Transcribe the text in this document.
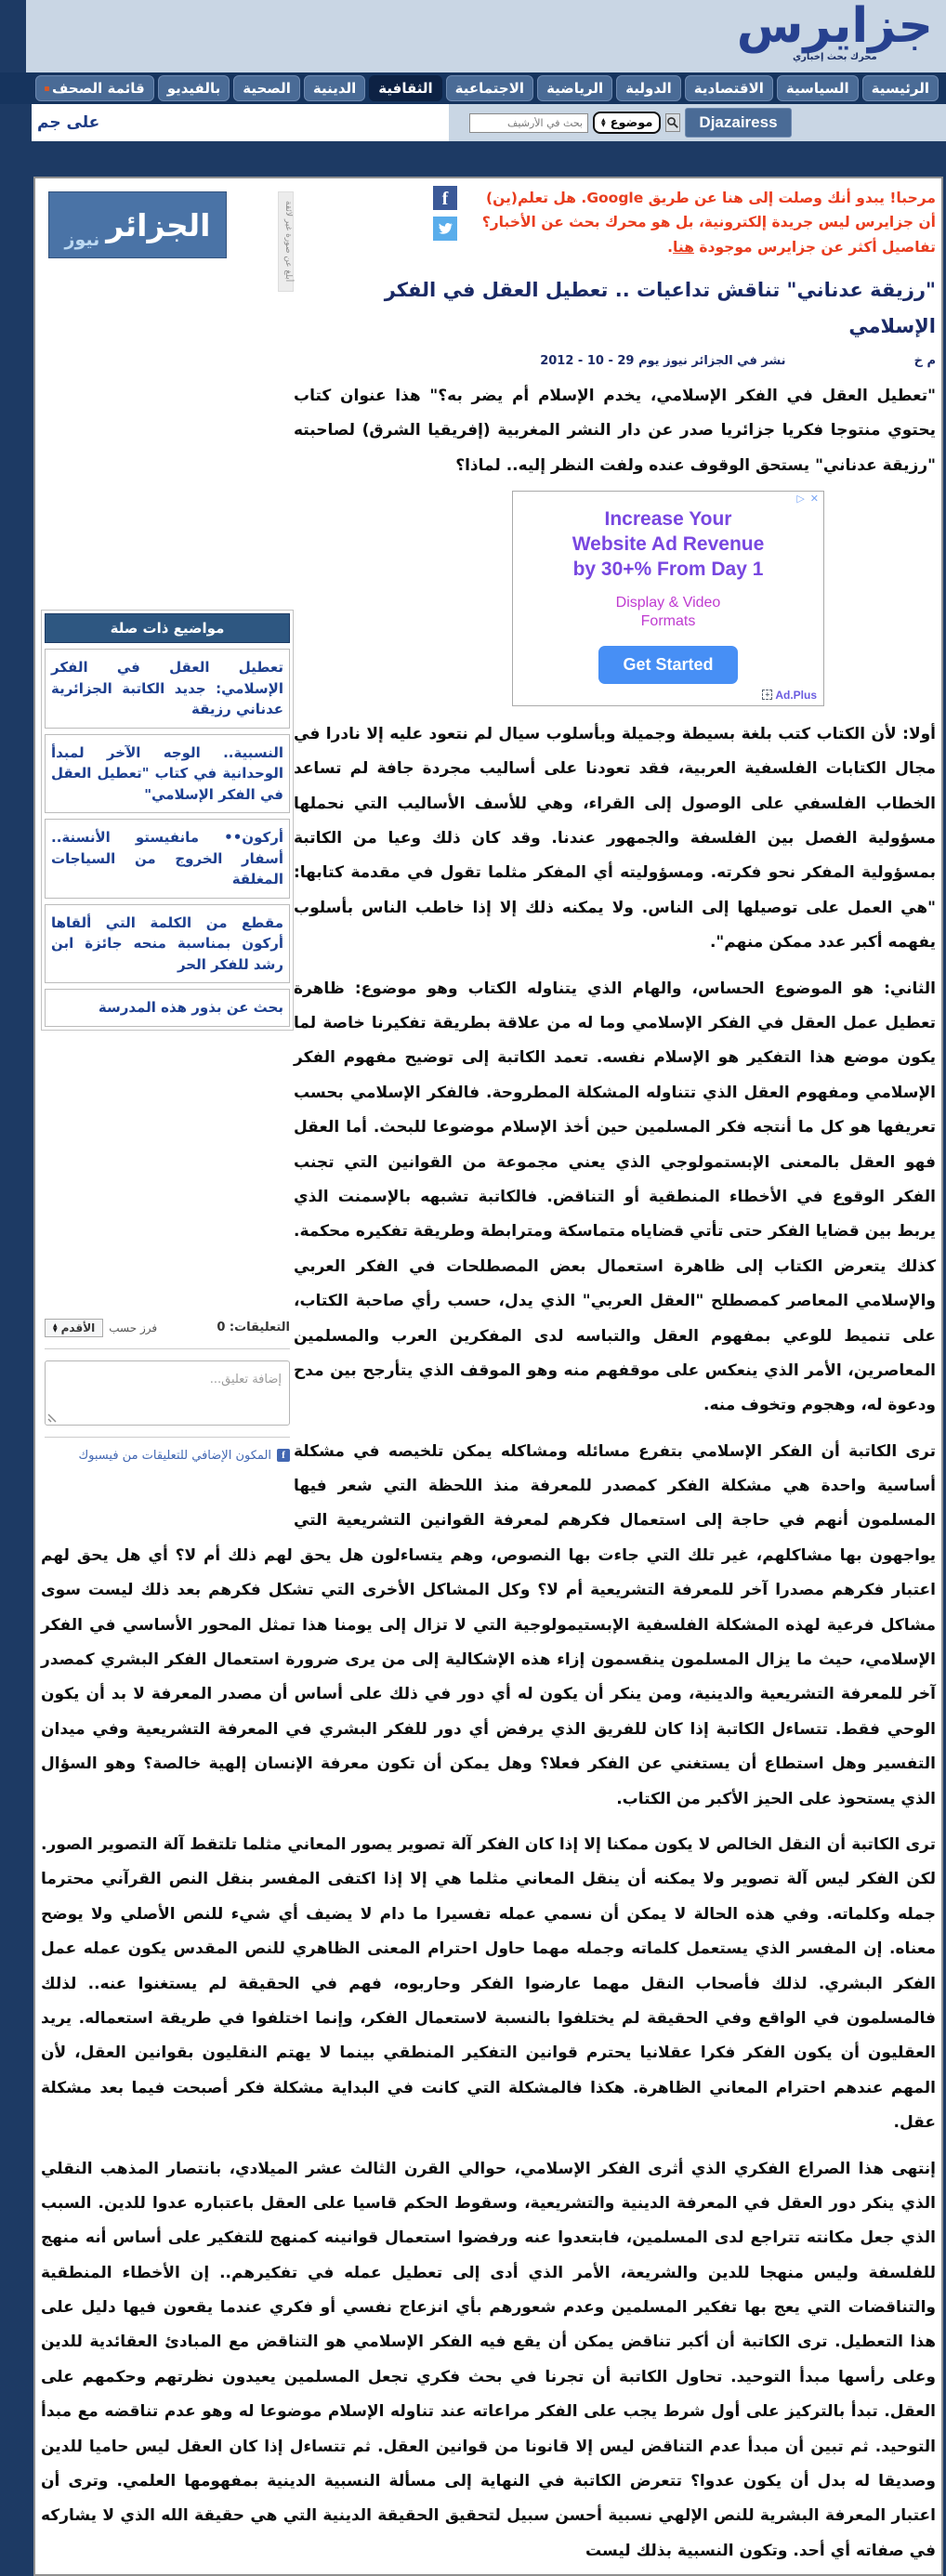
جزايرس
محرك بحث إخباري
الرئيسية
السياسية
الاقتصادية
الدولية
الرياضية
الاجتماعية
الثقافية
الدينية
الصحية
بالفيديو
قائمة الصحف
على جم
بحث في الأرشيف	موضوع
▲
▼	Djazairess
الجزائر
نيوز	أبلغ عن صورة غير لائقة
مواضيع ذات صلة
تعطيل العقل في الفكر الإسلامي: جديد الكاتبة الجزائرية عدناني رزيقة
النسبية.. الوجه الآخر لمبدأ الوحدانية في كتاب "تعطيل العقل في الفكر الإسلامي"
أركون•• مانفيستو الأنسنة.. أسفار الخروج من السياجات المغلقة
مقطع من الكلمة التي ألقاها أركون بمناسبة منحه جائزة ابن رشد للفكر الحر
بحث عن بذور هذه المدرسة
التعليقات: 0
فرز حسب
الأقدم
▲
▼
إضافة تعليق...
f
المكون الإضافي للتعليقات من فيسبوك
f	مرحبا! يبدو أنك وصلت إلى هنا عن طريق Google. هل تعلم(ين) أن جزايرس ليس جريدة إلكترونية، بل هو محرك بحث عن الأخبار؟ تفاصيل أكثر عن جزايرس موجودة هنا.
"رزيقة عدناني" تناقش تداعيات .. تعطيل العقل في الفكر الإسلامي
م خ
نشر في الجزائر نيوز يوم 29 - 10 - 2012

"تعطيل العقل في الفكر الإسلامي، يخدم الإسلام أم يضر به؟" هذا عنوان كتاب يحتوي منتوجا فكريا جزائريا صدر عن دار النشر المغربية (إفريقيا الشرق) لصاحبته "رزيقة عدناني" يستحق الوقوف عنده ولفت النظر إليه.. لماذا؟

▷ ✕
Increase Your Website Ad Revenue by 30+% From Day 1
Display & Video Formats
Get Started
+ Ad.Plus

أولا: لأن الكتاب كتب بلغة بسيطة وجميلة وبأسلوب سيال لم نتعود عليه إلا نادرا في مجال الكتابات الفلسفية العربية، فقد تعودنا على أساليب مجردة جافة لم تساعد الخطاب الفلسفي على الوصول إلى القراء، وهي للأسف الأساليب التي نحملها مسؤولية الفصل بين الفلسفة والجمهور عندنا. وقد كان ذلك وعيا من الكاتبة بمسؤولية المفكر نحو فكرته. ومسؤوليته أي المفكر مثلما تقول في مقدمة كتابها: "هي العمل على توصيلها إلى الناس. ولا يمكنه ذلك إلا إذا خاطب الناس بأسلوب يفهمه أكبر عدد ممكن منهم".

الثاني: هو الموضوع الحساس، والهام الذي يتناوله الكتاب وهو موضوع: ظاهرة تعطيل عمل العقل في الفكر الإسلامي وما له من علاقة بطريقة تفكيرنا خاصة لما يكون موضع هذا التفكير هو الإسلام نفسه. تعمد الكاتبة إلى توضيح مفهوم الفكر الإسلامي ومفهوم العقل الذي تتناوله المشكلة المطروحة. فالفكر الإسلامي بحسب تعريفها هو كل ما أنتجه فكر المسلمين حين أخذ الإسلام موضوعا للبحث. أما العقل فهو العقل بالمعنى الإبستمولوجي الذي يعني مجموعة من القوانين التي تجنب الفكر الوقوع في الأخطاء المنطقية أو التناقض. فالكاتبة تشبهه بالإسمنت الذي يربط بين قضايا الفكر حتى تأتي قضاياه متماسكة ومترابطة وطريقة تفكيره محكمة. كذلك يتعرض الكتاب إلى ظاهرة استعمال بعض المصطلحات في الفكر العربي والإسلامي المعاصر كمصطلح "العقل العربي" الذي يدل، حسب رأي صاحبة الكتاب، على تنميط للوعي بمفهوم العقل والتباسه لدى المفكرين العرب والمسلمين المعاصرين، الأمر الذي ينعكس على موقفهم منه وهو الموقف الذي يتأرجح بين مدح ودعوة له، وهجوم وتخوف منه.

ترى الكاتبة أن الفكر الإسلامي بتفرع مسائله ومشاكله يمكن تلخيصه في مشكلة أساسية واحدة هي مشكلة الفكر كمصدر للمعرفة منذ اللحظة التي شعر فيها المسلمون أنهم في حاجة إلى استعمال فكرهم لمعرفة القوانين التشريعية التي يواجهون بها مشاكلهم، غير تلك التي جاءت بها النصوص، وهم يتساءلون هل يحق لهم ذلك أم لا؟ أي هل يحق لهم اعتبار فكرهم مصدرا آخر للمعرفة التشريعية أم لا؟ وكل المشاكل الأخرى التي تشكل فكرهم بعد ذلك ليست سوى مشاكل فرعية لهذه المشكلة الفلسفية الإبستيمولوجية التي لا تزال إلى يومنا هذا تمثل المحور الأساسي في الفكر الإسلامي، حيث ما يزال المسلمون ينقسمون إزاء هذه الإشكالية إلى من يرى ضرورة استعمال الفكر البشري كمصدر آخر للمعرفة التشريعية والدينية، ومن ينكر أن يكون له أي دور في ذلك على أساس أن مصدر المعرفة لا بد أن يكون الوحي فقط. تتساءل الكاتبة إذا كان للفريق الذي يرفض أي دور للفكر البشري في المعرفة التشريعية وفي ميدان التفسير وهل استطاع أن يستغني عن الفكر فعلا؟ وهل يمكن أن تكون معرفة الإنسان إلهية خالصة؟ وهو السؤال الذي يستحوذ على الحيز الأكبر من الكتاب.

ترى الكاتبة أن النقل الخالص لا يكون ممكنا إلا إذا كان الفكر آلة تصوير يصور المعاني مثلما تلتقط آلة التصوير الصور. لكن الفكر ليس آلة تصوير ولا يمكنه أن ينقل المعاني مثلما هي إلا إذا اكتفى المفسر بنقل النص القرآني محترما جمله وكلماته. وفي هذه الحالة لا يمكن أن نسمي عمله تفسيرا ما دام لا يضيف أي شيء للنص الأصلي ولا يوضح معناه. إن المفسر الذي يستعمل كلماته وجمله مهما حاول احترام المعنى الظاهري للنص المقدس يكون عمله عمل الفكر البشري. لذلك فأصحاب النقل مهما عارضوا الفكر وحاربوه، فهم في الحقيقة لم يستغنوا عنه.. لذلك فالمسلمون في الواقع وفي الحقيقة لم يختلفوا بالنسبة لاستعمال الفكر، وإنما اختلفوا في طريقة استعماله. يريد العقليون أن يكون الفكر فكرا عقلانيا يحترم قوانين التفكير المنطقي بينما لا يهتم النقليون بقوانين العقل، لأن المهم عندهم احترام المعاني الظاهرة. هكذا فالمشكلة التي كانت في البداية مشكلة فكر أصبحت فيما بعد مشكلة عقل.

إنتهى هذا الصراع الفكري الذي أثرى الفكر الإسلامي، حوالي القرن الثالث عشر الميلادي، بانتصار المذهب النقلي الذي ينكر دور العقل في المعرفة الدينية والتشريعية، وسقوط الحكم قاسيا على العقل باعتباره عدوا للدين. السبب الذي جعل مكانته تتراجع لدى المسلمين، فابتعدوا عنه ورفضوا استعمال قوانينه كمنهج للتفكير على أساس أنه منهج للفلسفة وليس منهجا للدين والشريعة، الأمر الذي أدى إلى تعطيل عمله في تفكيرهم.. إن الأخطاء المنطقية والتناقضات التي يعج بها تفكير المسلمين وعدم شعورهم بأي انزعاج نفسي أو فكري عندما يقعون فيها دليل على هذا التعطيل. ترى الكاتبة أن أكبر تناقض يمكن أن يقع فيه الفكر الإسلامي هو التناقض مع المبادئ العقائدية للدين وعلى رأسها مبدأ التوحيد. تحاول الكاتبة أن تجرنا في بحث فكري تجعل المسلمين يعيدون نظرتهم وحكمهم على العقل. تبدأ بالتركيز على أول شرط يجب على الفكر مراعاته عند تناوله الإسلام موضوعا له وهو عدم تناقضه مع مبدأ التوحيد. ثم تبين أن مبدأ عدم التناقض ليس إلا قانونا من قوانين العقل. ثم تتساءل إذا كان العقل ليس حاميا للدين وصديقا له بدل أن يكون عدوا؟ تتعرض الكاتبة في النهاية إلى مسألة النسبية الدينية بمفهومها العلمي. وترى أن اعتبار المعرفة البشرية للنص الإلهي نسبية أحسن سبيل لتحقيق الحقيقة الدينية التي هي حقيقة الله الذي لا يشاركه في صفاته أي أحد. وتكون النسبية بذلك ليست
